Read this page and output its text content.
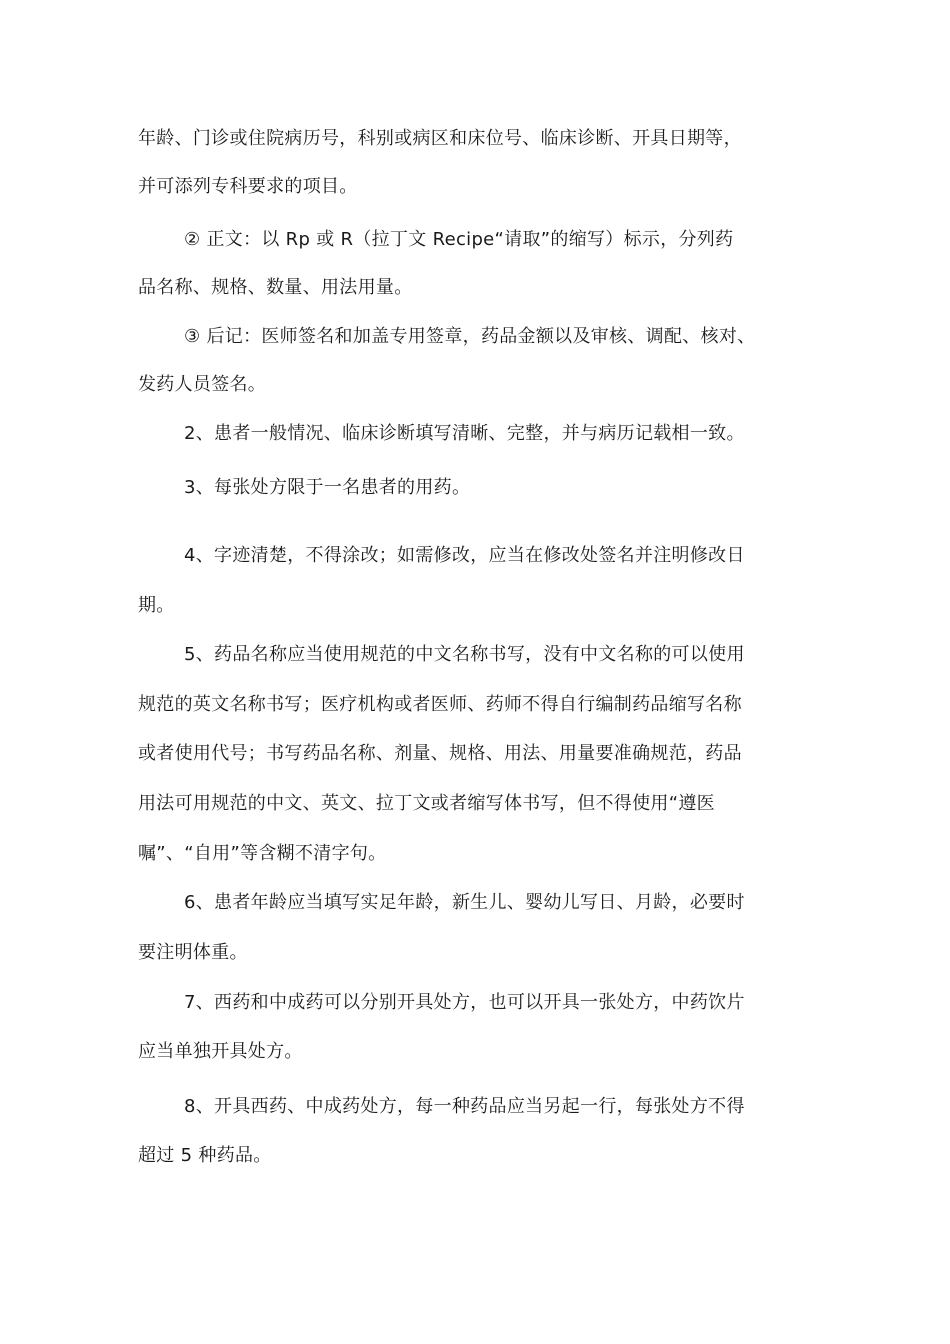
年龄、门诊或住院病历号，科别或病区和床位号、临床诊断、开具日期等，
并可添列专科要求的项目。
② 正文：以 Rp 或 R（拉丁文 Recipe“请取”的缩写）标示，分列药
品名称、规格、数量、用法用量。
③ 后记：医师签名和加盖专用签章，药品金额以及审核、调配、核对、
发药人员签名。
2、患者一般情况、临床诊断填写清晰、完整，并与病历记载相一致。
3、每张处方限于一名患者的用药。
4、字迹清楚，不得涂改；如需修改，应当在修改处签名并注明修改日
期。
5、药品名称应当使用规范的中文名称书写，没有中文名称的可以使用
规范的英文名称书写；医疗机构或者医师、药师不得自行编制药品缩写名称
或者使用代号；书写药品名称、剂量、规格、用法、用量要准确规范，药品
用法可用规范的中文、英文、拉丁文或者缩写体书写，但不得使用“遵医
嘱”、“自用”等含糊不清字句。
6、患者年龄应当填写实足年龄，新生儿、婴幼儿写日、月龄，必要时
要注明体重。
7、西药和中成药可以分别开具处方，也可以开具一张处方，中药饮片
应当单独开具处方。
8、开具西药、中成药处方，每一种药品应当另起一行，每张处方不得
超过 5 种药品。
